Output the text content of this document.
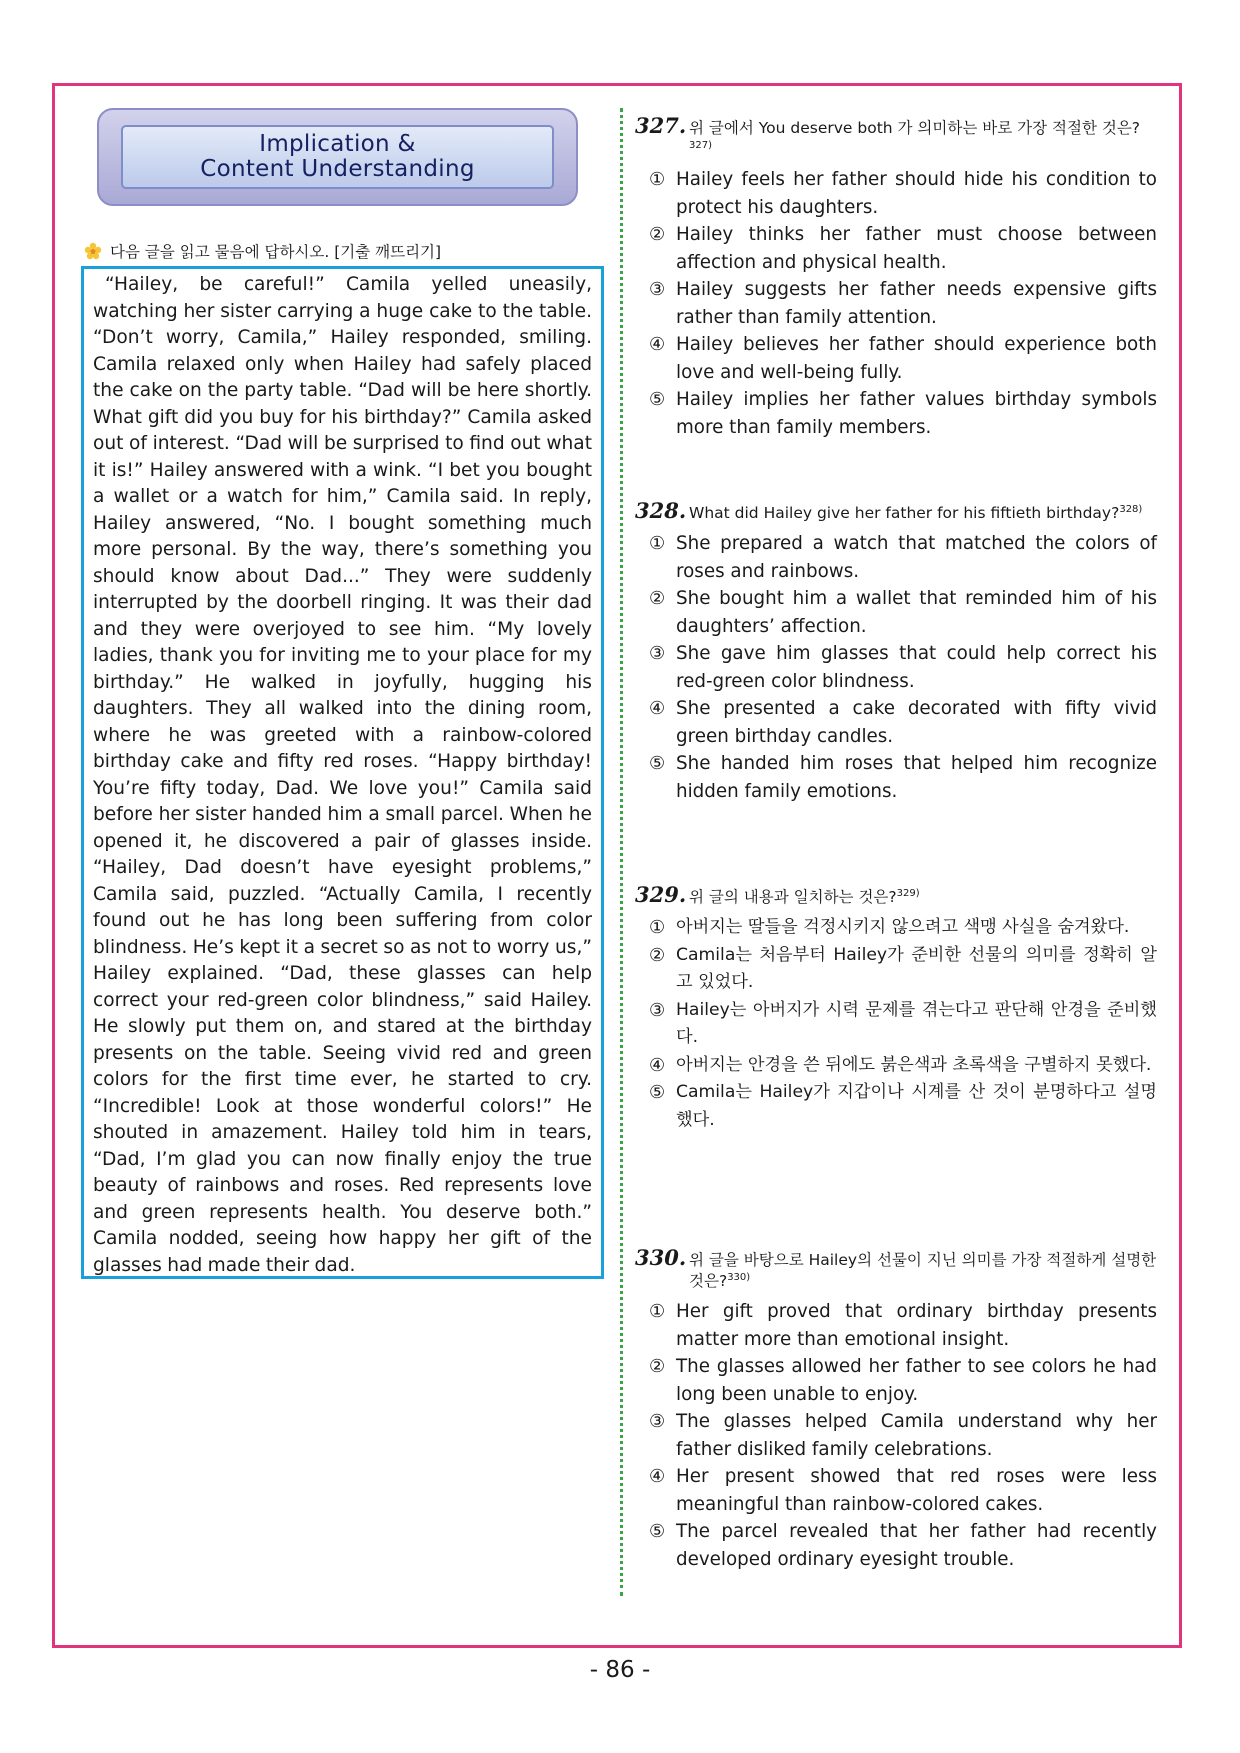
Implication &
Content Understanding
다음 글을 읽고 물음에 답하시오. [기출 깨뜨리기]

“Hailey, be careful!” Camila yelled uneasily, watching her sister carrying a huge cake to the table. “Don’t worry, Camila,” Hailey responded, smiling. Camila relaxed only when Hailey had safely placed the cake on the party table. “Dad will be here shortly. What gift did you buy for his birthday?” Camila asked out of interest. “Dad will be surprised to find out what it is!” Hailey answered with a wink. “I bet you bought a wallet or a watch for him,” Camila said. In reply, Hailey answered, “No. I bought something much more personal. By the way, there’s something you should know about Dad...” They were suddenly interrupted by the doorbell ringing. It was their dad and they were overjoyed to see him. “My lovely ladies, thank you for inviting me to your place for my birthday.” He walked in joyfully, hugging his daughters. They all walked into the dining room, where he was greeted with a rainbow-colored birthday cake and fifty red roses. “Happy birthday! You’re fifty today, Dad. We love you!” Camila said before her sister handed him a small parcel. When he opened it, he discovered a pair of glasses inside. “Hailey, Dad doesn’t have eyesight problems,” Camila said, puzzled. “Actually Camila, I recently found out he has long been suffering from color blindness. He’s kept it a secret so as not to worry us,” Hailey explained. “Dad, these glasses can help correct your red-green color blindness,” said Hailey. He slowly put them on, and stared at the birthday presents on the table. Seeing vivid red and green colors for the first time ever, he started to cry. “Incredible! Look at those wonderful colors!” He shouted in amazement. Hailey told him in tears, “Dad, I’m glad you can now finally enjoy the true beauty of rainbows and roses. Red represents love and green represents health. You deserve both.” Camila nodded, seeing how happy her gift of the glasses had made their dad.

327. 위 글에서 You deserve both 가 의미하는 바로 가장 적절한 것은?$^{327)}$
① Hailey feels her father should hide his condition to protect his daughters.
② Hailey thinks her father must choose between affection and physical health.
③ Hailey suggests her father needs expensive gifts rather than family attention.
④ Hailey believes her father should experience both love and well-being fully.
⑤ Hailey implies her father values birthday symbols more than family members.
328. What did Hailey give her father for his fiftieth birthday?$^{328)}$
① She prepared a watch that matched the colors of roses and rainbows.
② She bought him a wallet that reminded him of his daughters’ affection.
③ She gave him glasses that could help correct his red-green color blindness.
④ She presented a cake decorated with fifty vivid green birthday candles.
⑤ She handed him roses that helped him recognize hidden family emotions.
329. 위 글의 내용과 일치하는 것은?$^{329)}$
① 아버지는 딸들을 걱정시키지 않으려고 색맹 사실을 숨겨왔다.
② Camila는 처음부터 Hailey가 준비한 선물의 의미를 정확히 알고 있었다.
③ Hailey는 아버지가 시력 문제를 겪는다고 판단해 안경을 준비했다.
④ 아버지는 안경을 쓴 뒤에도 붉은색과 초록색을 구별하지 못했다.
⑤ Camila는 Hailey가 지갑이나 시계를 산 것이 분명하다고 설명했다.
330. 위 글을 바탕으로 Hailey의 선물이 지닌 의미를 가장 적절하게 설명한 것은?$^{330)}$
① Her gift proved that ordinary birthday presents matter more than emotional insight.
② The glasses allowed her father to see colors he had long been unable to enjoy.
③ The glasses helped Camila understand why her father disliked family celebrations.
④ Her present showed that red roses were less meaningful than rainbow-colored cakes.
⑤ The parcel revealed that her father had recently developed ordinary eyesight trouble.
- 86 -
